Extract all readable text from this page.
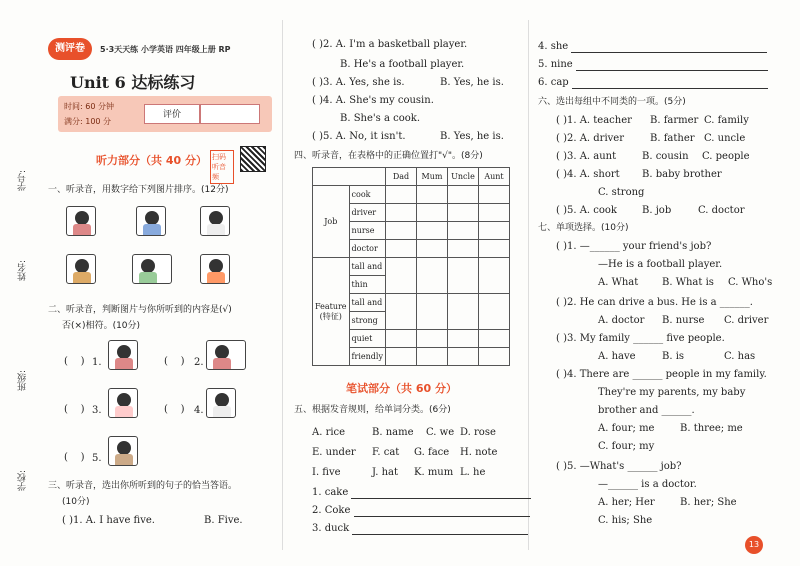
学号:
姓名:
班级:
学校:
测评卷	5·3天天练 小学英语 四年级上册 RP
Unit 6 达标练习
时间: 60 分钟
满分: 100 分
评价
听力部分（共 40 分） 扫码听音频
一、听录音，用数字给下列图片排序。(12分)
二、听录音，判断图片与你所听到的内容是(√)
否(×)相符。(10分)
(    ) 1.	(    ) 2.
(    ) 3.	(    ) 4.
(    ) 5.
三、听录音，选出你所听到的句子的恰当答语。
(10分)
( )1. A. I have five.	B. Five.
( )2. A. I'm a basketball player.
B. He's a football player.
( )3. A. Yes, she is.	B. Yes, he is.
( )4. A. She's my cousin.
B. She's a cook.
( )5. A. No, it isn't.	B. Yes, he is.
四、听录音，在表格中的正确位置打"√"。(8分)
		Dad	Mum	Uncle	Aunt
Job	cook				
	driver				
	nurse				
	doctor				
Feature
(特征)	tall and				
	thin				
	tall and				
	strong				
	quiet				
	friendly				
笔试部分（共 60 分）
五、根据发音规则，给单词分类。(6分)
A. rice	B. name C. we D. rose
E. under F. cat G. face H. note
I. five	J. hat K. mum L. he
1. cake
2. Coke
3. duck
4. she
5. nine
6. cap
六、选出每组中不同类的一项。(5分)
( )1. A. teacher B. farmer C. family
( )2. A. driver	B. father C. uncle
( )3. A. aunt	B. cousin C. people
( )4. A. short B. baby brother
C. strong
( )5. A. cook	B. job	C. doctor
七、单项选择。(10分)
( )1. —______ your friend's job?
—He is a football player.
A. What B. What is C. Who's
( )2. He can drive a bus. He is a ______.
A. doctor B. nurse C. driver
( )3. My family ______ five people.
A. have	B. is	C. has
( )4. There are ______ people in my family.
They're my parents, my baby
brother and ______.
A. four; me	B. three; me
C. four; my
( )5. —What's ______ job?
—______ is a doctor.
A. her; Her	B. her; She
C. his; She
13
